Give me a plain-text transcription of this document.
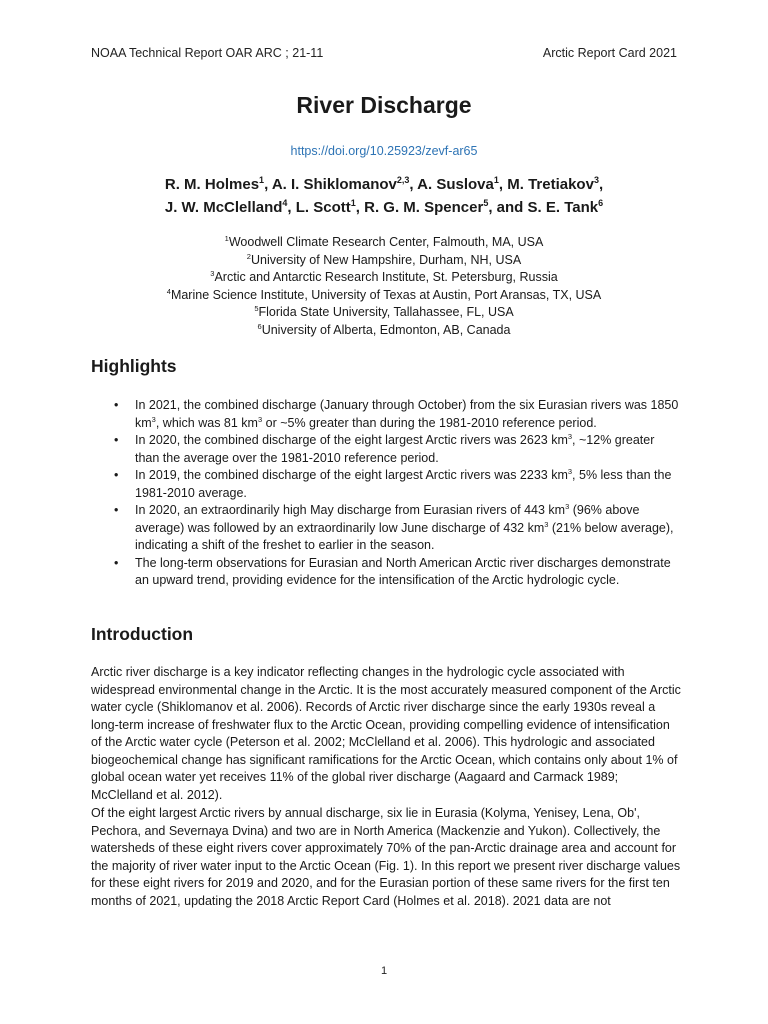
NOAA Technical Report OAR ARC ; 21-11	Arctic Report Card 2021
River Discharge
https://doi.org/10.25923/zevf-ar65
R. M. Holmes$^1$, A. I. Shiklomanov$^{2,3}$, A. Suslova$^1$, M. Tretiakov$^3$,
J. W. McClelland$^4$, L. Scott$^1$, R. G. M. Spencer$^5$, and S. E. Tank$^6$
$^1$Woodwell Climate Research Center, Falmouth, MA, USA
$^2$University of New Hampshire, Durham, NH, USA
$^3$Arctic and Antarctic Research Institute, St. Petersburg, Russia
$^4$Marine Science Institute, University of Texas at Austin, Port Aransas, TX, USA
$^5$Florida State University, Tallahassee, FL, USA
$^6$University of Alberta, Edmonton, AB, Canada
Highlights
• In 2021, the combined discharge (January through October) from the six Eurasian rivers was 1850 $km^3$, which was 81 $km^3$ or ~5% greater than during the 1981-2010 reference period.
• In 2020, the combined discharge of the eight largest Arctic rivers was 2623 $km^3$, ~12% greater than the average over the 1981-2010 reference period.
• In 2019, the combined discharge of the eight largest Arctic rivers was 2233 $km^3$, 5% less than the 1981-2010 average.
• In 2020, an extraordinarily high May discharge from Eurasian rivers of 443 $km^3$ (96% above average) was followed by an extraordinarily low June discharge of 432 $km^3$ (21% below average), indicating a shift of the freshet to earlier in the season.
• The long-term observations for Eurasian and North American Arctic river discharges demonstrate an upward trend, providing evidence for the intensification of the Arctic hydrologic cycle.
Introduction

Arctic river discharge is a key indicator reflecting changes in the hydrologic cycle associated with widespread environmental change in the Arctic. It is the most accurately measured component of the Arctic water cycle (Shiklomanov et al. 2006). Records of Arctic river discharge since the early 1930s reveal a long-term increase of freshwater flux to the Arctic Ocean, providing compelling evidence of intensification of the Arctic water cycle (Peterson et al. 2002; McClelland et al. 2006). This hydrologic and associated biogeochemical change has significant ramifications for the Arctic Ocean, which contains only about 1% of global ocean water yet receives 11% of the global river discharge (Aagaard and Carmack 1989; McClelland et al. 2012).

Of the eight largest Arctic rivers by annual discharge, six lie in Eurasia (Kolyma, Yenisey, Lena, Ob', Pechora, and Severnaya Dvina) and two are in North America (Mackenzie and Yukon). Collectively, the watersheds of these eight rivers cover approximately 70% of the pan-Arctic drainage area and account for the majority of river water input to the Arctic Ocean (Fig. 1). In this report we present river discharge values for these eight rivers for 2019 and 2020, and for the Eurasian portion of these same rivers for the first ten months of 2021, updating the 2018 Arctic Report Card (Holmes et al. 2018). 2021 data are not

1
